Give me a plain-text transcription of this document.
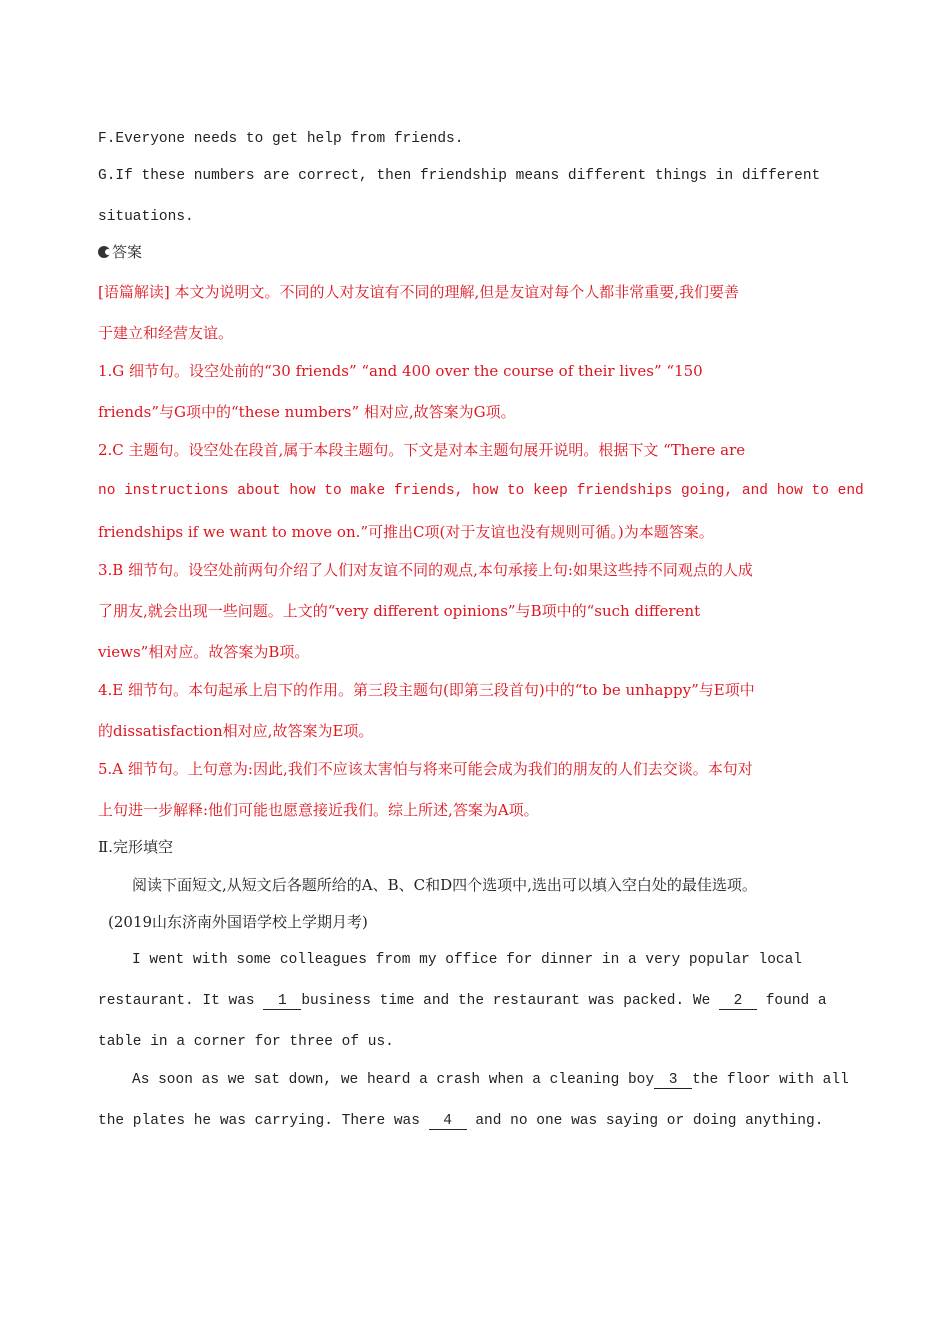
F.Everyone needs to get help from friends.
G.If these numbers are correct, then friendship means different things in different
situations.
答案
[语篇解读] 本文为说明文。不同的人对友谊有不同的理解,但是友谊对每个人都非常重要,我们要善
于建立和经营友谊。
1.G 细节句。设空处前的“30 friends” “and 400 over the course of their lives” “150
friends”与G项中的“these numbers” 相对应,故答案为G项。
2.C 主题句。设空处在段首,属于本段主题句。下文是对本主题句展开说明。根据下文 “There are
no instructions about how to make friends, how to keep friendships going, and how to end
friendships if we want to move on.”可推出C项(对于友谊也没有规则可循。)为本题答案。
3.B 细节句。设空处前两句介绍了人们对友谊不同的观点,本句承接上句:如果这些持不同观点的人成
了朋友,就会出现一些问题。上文的“very different opinions”与B项中的“such different
views”相对应。故答案为B项。
4.E 细节句。本句起承上启下的作用。第三段主题句(即第三段首句)中的“to be unhappy”与E项中
的dissatisfaction相对应,故答案为E项。
5.A 细节句。上句意为:因此,我们不应该太害怕与将来可能会成为我们的朋友的人们去交谈。本句对
上句进一步解释:他们可能也愿意接近我们。综上所述,答案为A项。
Ⅱ.完形填空
阅读下面短文,从短文后各题所给的A、B、C和D四个选项中,选出可以填入空白处的最佳选项。
(2019山东济南外国语学校上学期月考)
I went with some colleagues from my office for dinner in a very popular local
restaurant. It was 1 business time and the restaurant was packed. We 2 found a
table in a corner for three of us.
As soon as we sat down, we heard a crash when a cleaning boy 3 the floor with all
the plates he was carrying. There was 4 and no one was saying or doing anything.
